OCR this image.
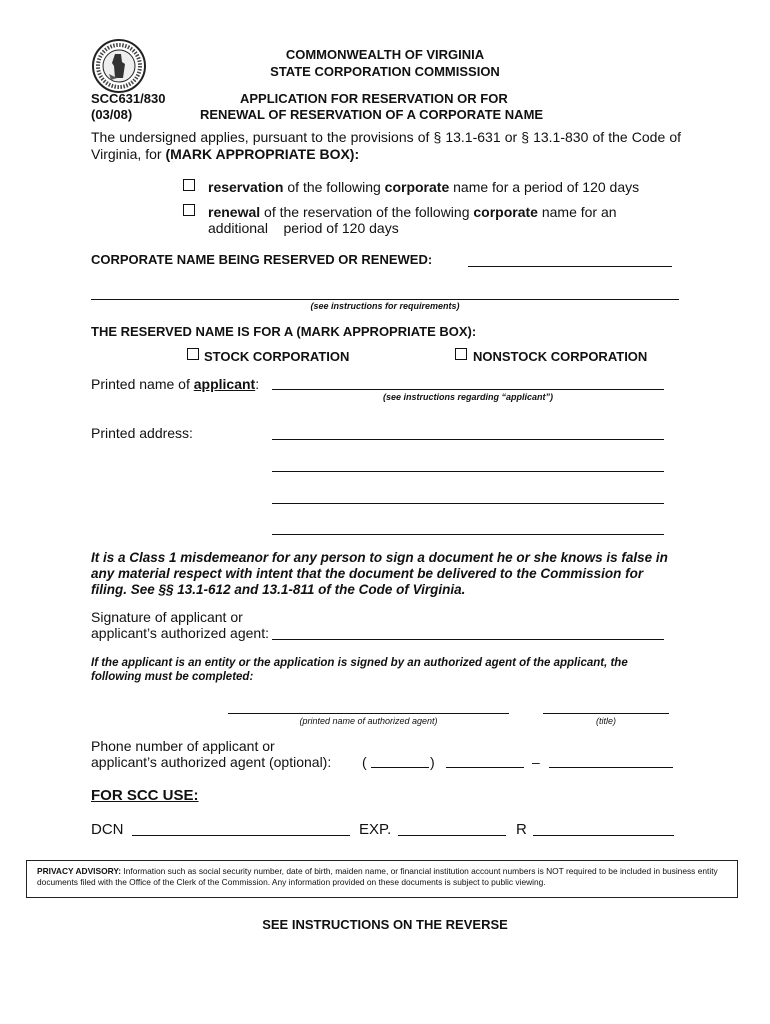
COMMONWEALTH OF VIRGINIA
STATE CORPORATION COMMISSION
SCC631/830
(03/08)
APPLICATION FOR RESERVATION OR FOR
RENEWAL OF RESERVATION OF A CORPORATE NAME
The undersigned applies, pursuant to the provisions of § 13.1-631 or § 13.1-830 of the Code of Virginia, for (MARK APPROPRIATE BOX):
reservation of the following corporate name for a period of 120 days
renewal of the reservation of the following corporate name for an
additional    period of 120 days
CORPORATE NAME BEING RESERVED OR RENEWED:
(see instructions for requirements)
THE RESERVED NAME IS FOR A (MARK APPROPRIATE BOX):
STOCK CORPORATION	NONSTOCK CORPORATION
Printed name of applicant:
(see instructions regarding “applicant”)
Printed address:
It is a Class 1 misdemeanor for any person to sign a document he or she knows is false in any material respect with intent that the document be delivered to the Commission for filing. See §§ 13.1-612 and 13.1-811 of the Code of Virginia.
Signature of applicant or
applicant’s authorized agent:
If the applicant is an entity or the application is signed by an authorized agent of the applicant, the following must be completed:
(printed name of authorized agent)	(title)
Phone number of applicant or
applicant’s authorized agent (optional): (	)	–
FOR SCC USE:
DCN	EXP.	R
PRIVACY ADVISORY: Information such as social security number, date of birth, maiden name, or financial institution account numbers is NOT required to be included in business entity documents filed with the Office of the Clerk of the Commission. Any information provided on these documents is subject to public viewing.
SEE INSTRUCTIONS ON THE REVERSE
